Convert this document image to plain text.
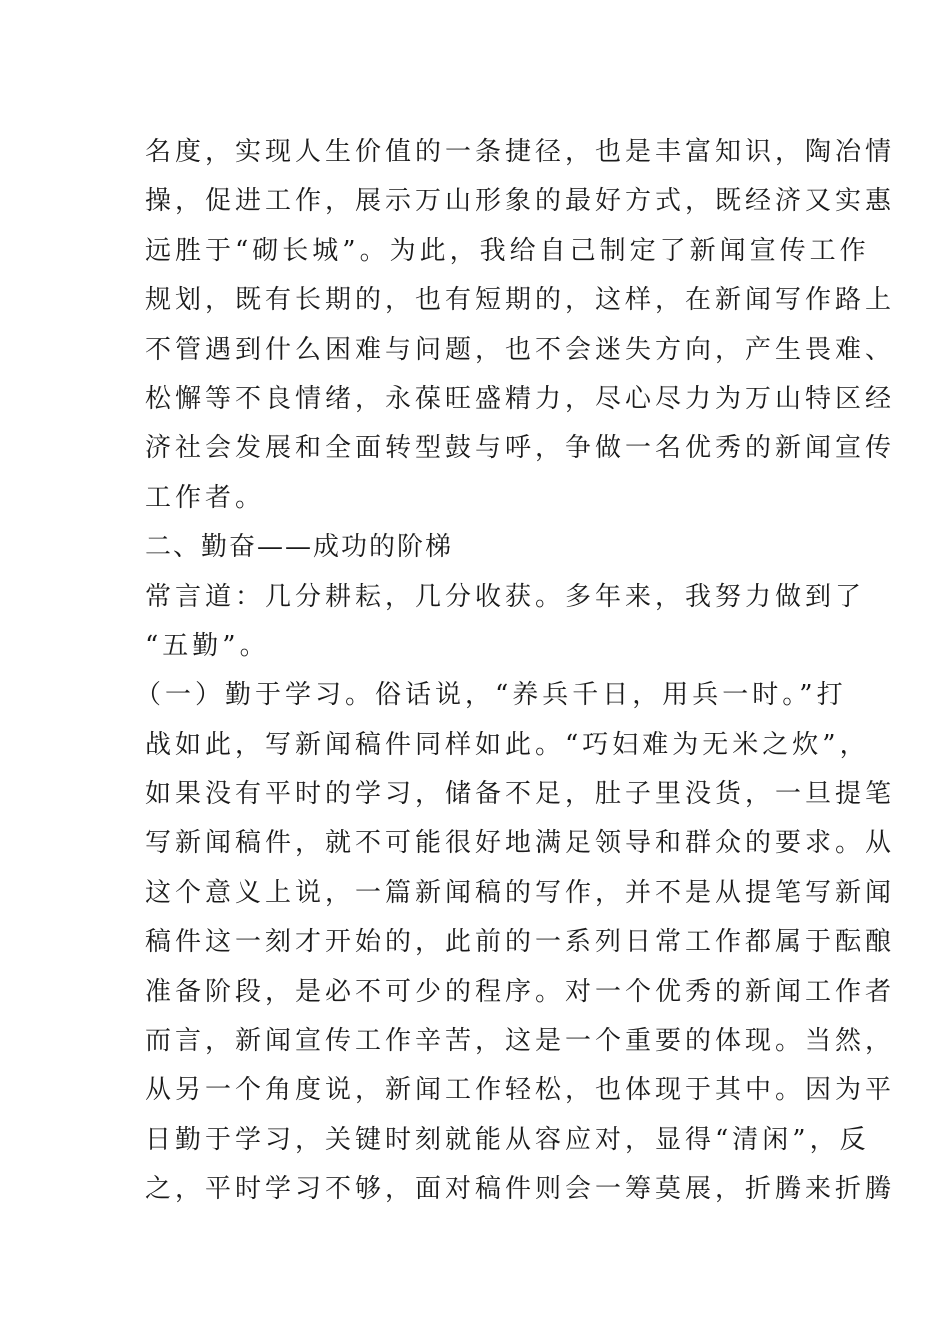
名度，实现人生价值的一条捷径，也是丰富知识，陶冶情
操，促进工作，展示万山形象的最好方式，既经济又实惠
远胜于“砌长城”。为此，我给自己制定了新闻宣传工作
规划，既有长期的，也有短期的，这样，在新闻写作路上
不管遇到什么困难与问题，也不会迷失方向，产生畏难、
松懈等不良情绪，永葆旺盛精力，尽心尽力为万山特区经
济社会发展和全面转型鼓与呼，争做一名优秀的新闻宣传
工作者。
二、勤奋——成功的阶梯
常言道：几分耕耘，几分收获。多年来，我努力做到了
“五勤”。
（一）勤于学习。俗话说，“养兵千日，用兵一时。”打
战如此，写新闻稿件同样如此。“巧妇难为无米之炊”，
如果没有平时的学习，储备不足，肚子里没货，一旦提笔
写新闻稿件，就不可能很好地满足领导和群众的要求。从
这个意义上说，一篇新闻稿的写作，并不是从提笔写新闻
稿件这一刻才开始的，此前的一系列日常工作都属于酝酿
准备阶段，是必不可少的程序。对一个优秀的新闻工作者
而言，新闻宣传工作辛苦，这是一个重要的体现。当然，
从另一个角度说，新闻工作轻松，也体现于其中。因为平
日勤于学习，关键时刻就能从容应对，显得“清闲”，反
之，平时学习不够，面对稿件则会一筹莫展，折腾来折腾
